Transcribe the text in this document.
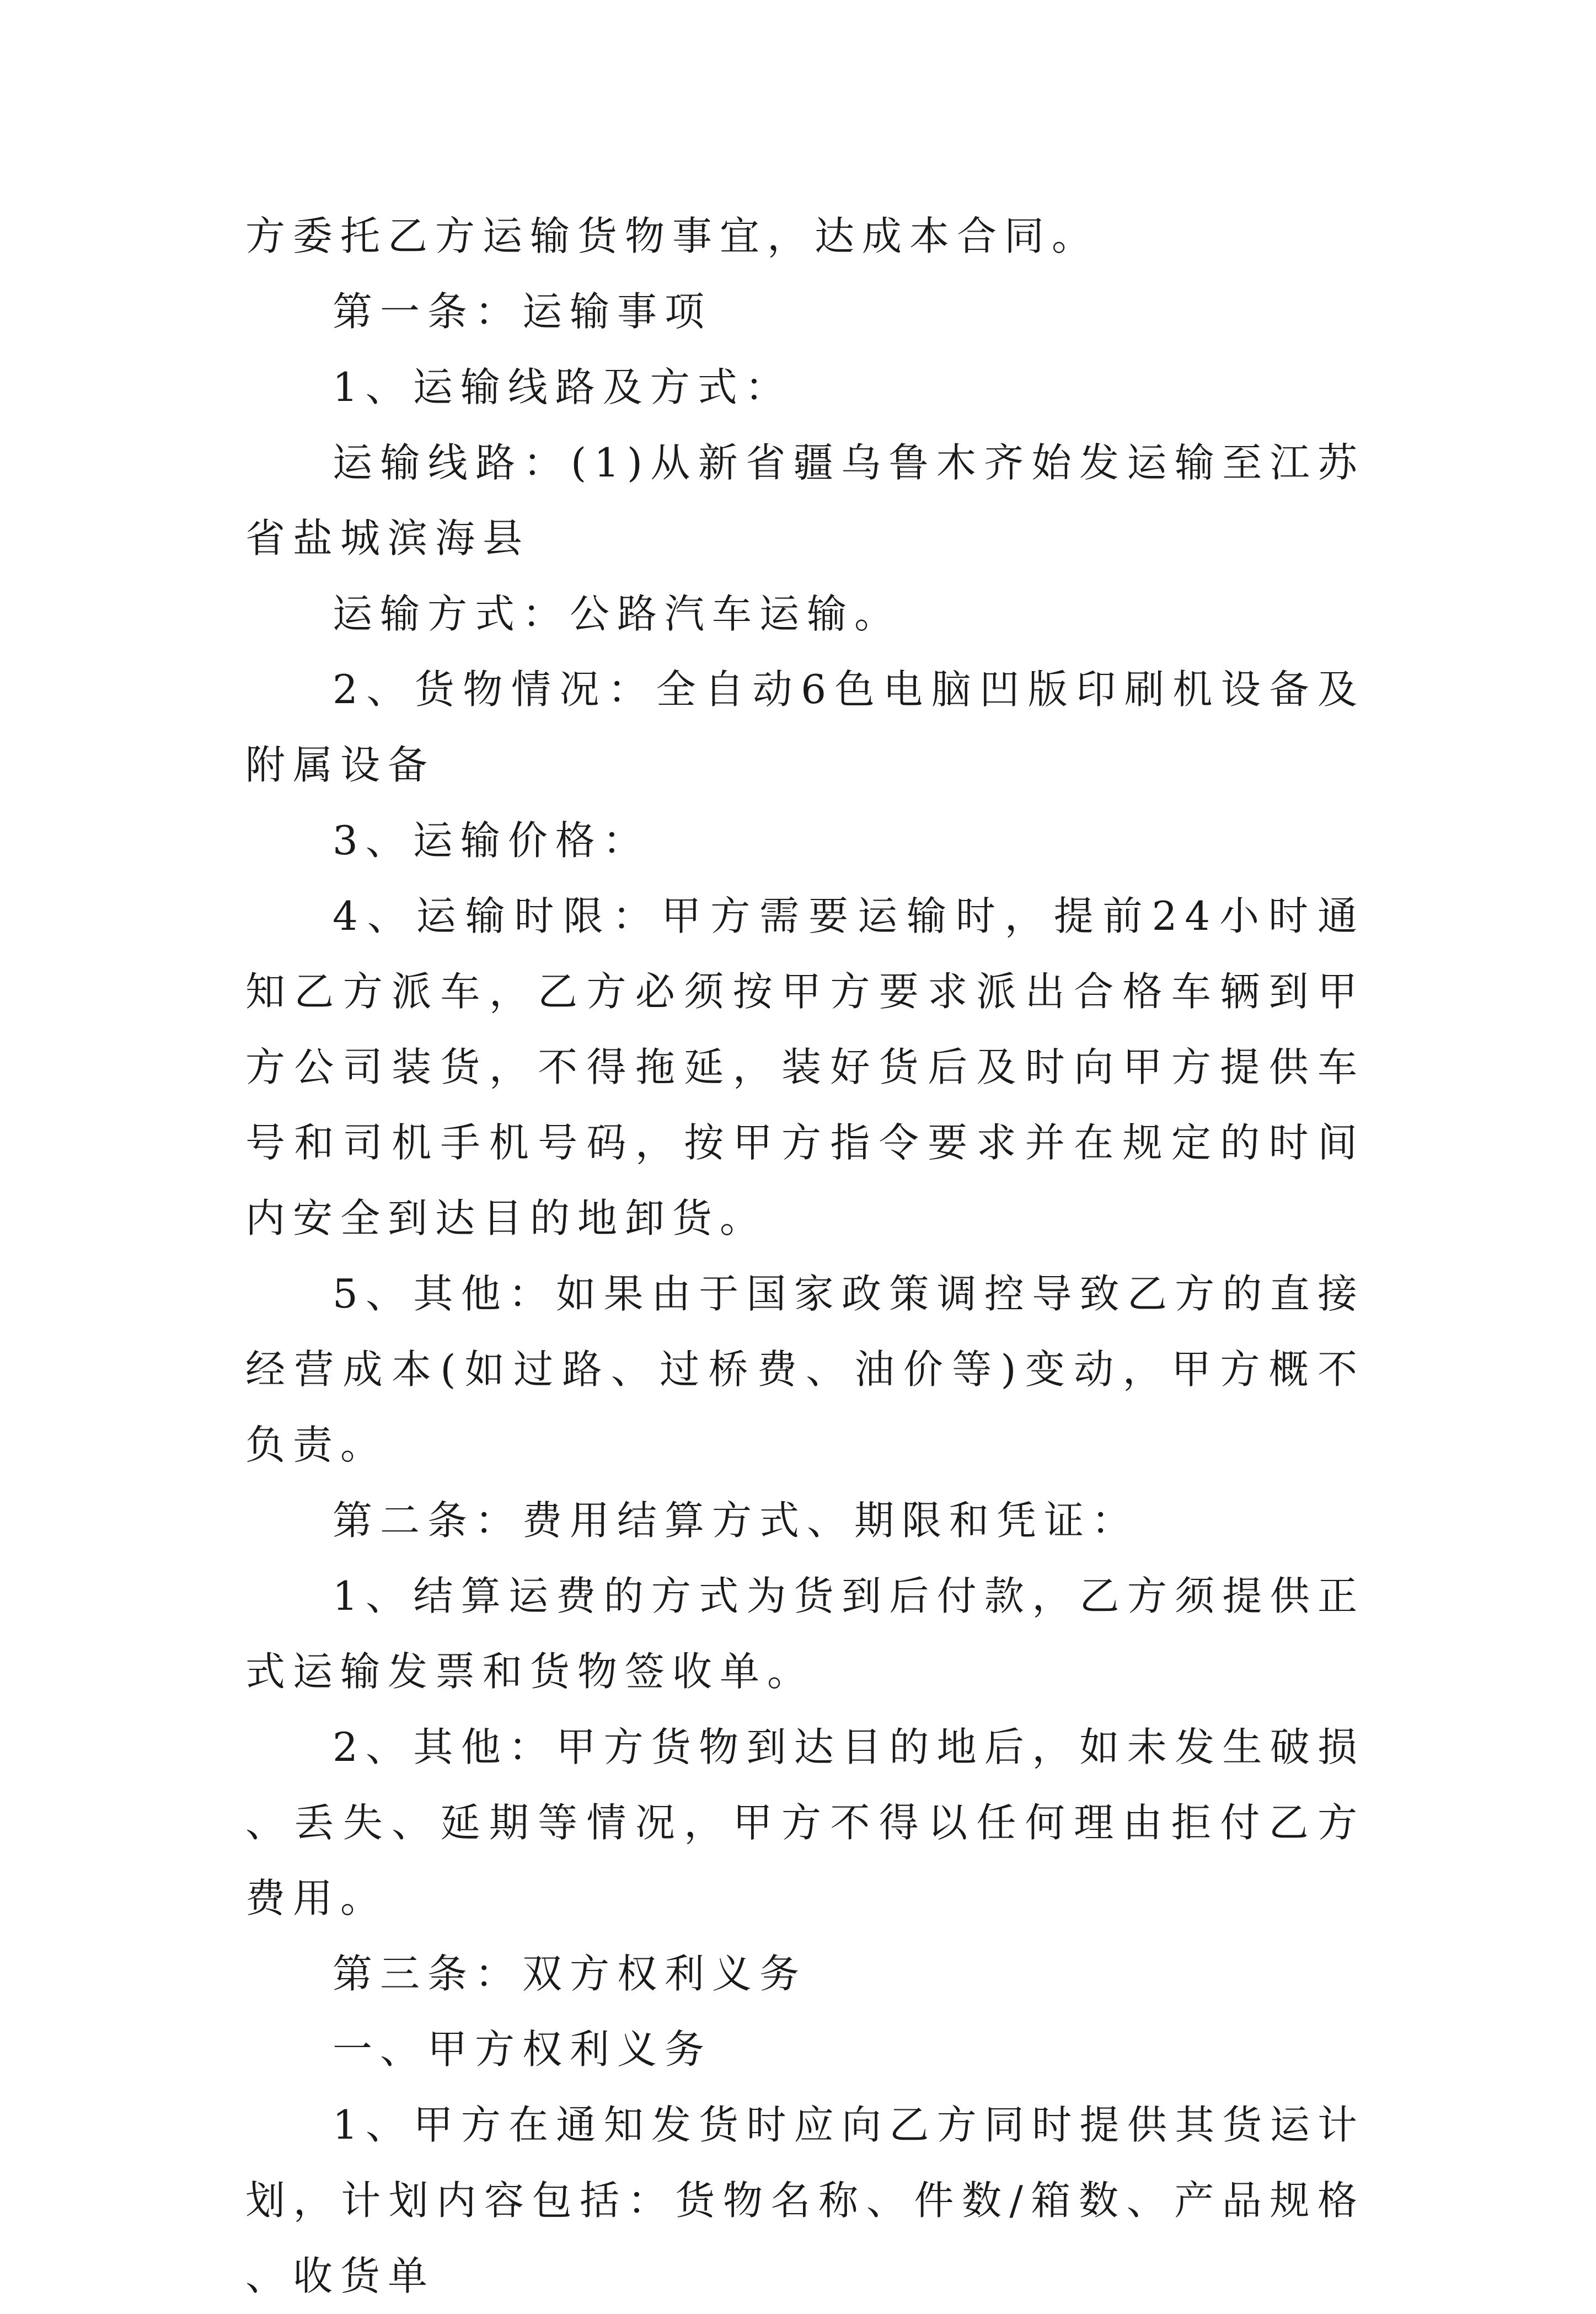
方委托乙方运输货物事宜，达成本合同。

第一条：运输事项

1、运输线路及方式：

运输线路：(1)从新省疆乌鲁木齐始发运输至江苏省盐城滨海县

运输方式：公路汽车运输。

2、货物情况：全自动6色电脑凹版印刷机设备及附属设备

3、运输价格：

4、运输时限：甲方需要运输时，提前24小时通知乙方派车，乙方必须按甲方要求派出合格车辆到甲方公司装货，不得拖延，装好货后及时向甲方提供车号和司机手机号码，按甲方指令要求并在规定的时间内安全到达目的地卸货。

5、其他：如果由于国家政策调控导致乙方的直接经营成本(如过路、过桥费、油价等)变动，甲方概不负责。

第二条：费用结算方式、期限和凭证：

1、结算运费的方式为货到后付款，乙方须提供正式运输发票和货物签收单。

2、其他：甲方货物到达目的地后，如未发生破损、丢失、延期等情况，甲方不得以任何理由拒付乙方费用。

第三条：双方权利义务

一、甲方权利义务

1、甲方在通知发货时应向乙方同时提供其货运计划，计划内容包括：货物名称、件数/箱数、产品规格、收货单
